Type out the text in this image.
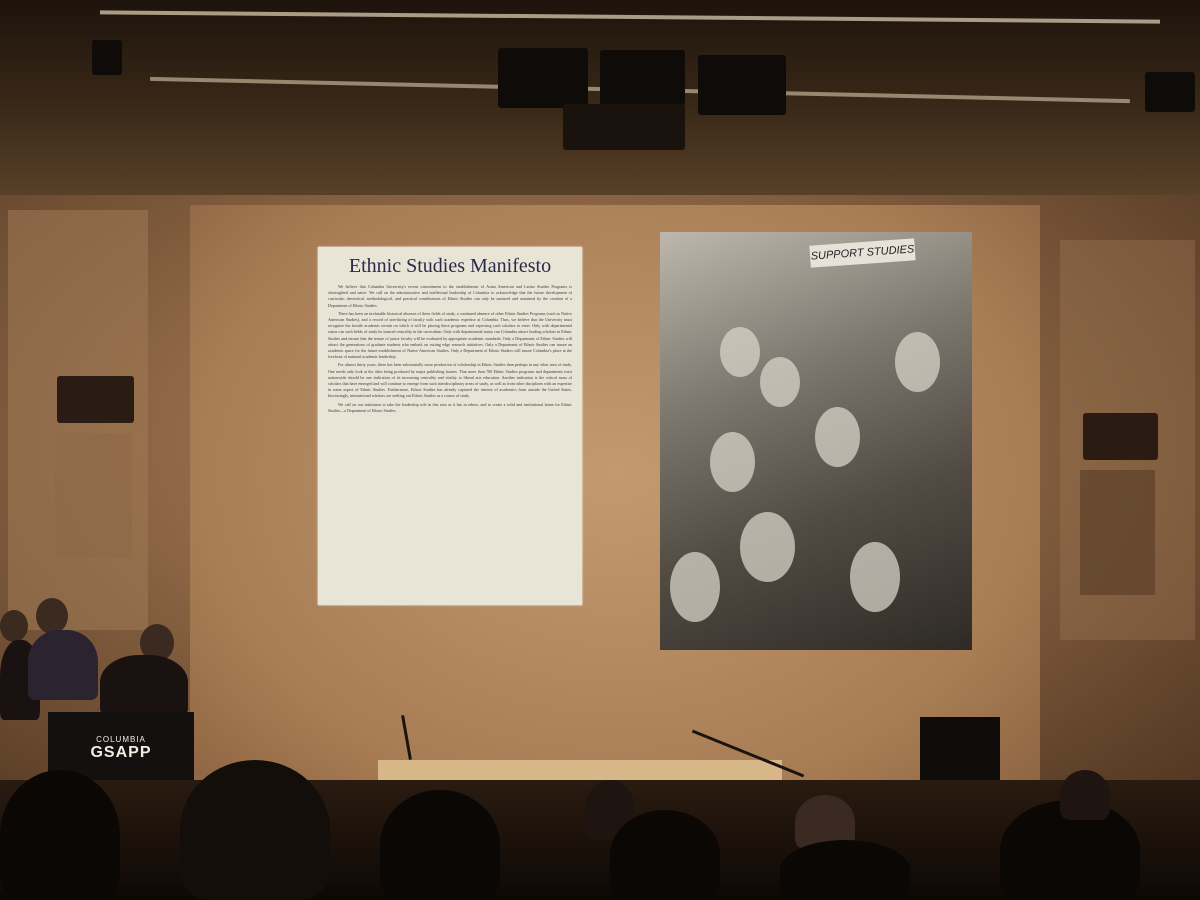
Ethnic Studies Manifesto

We believe that Columbia University's recent commitment to the establishment of Asian American and Latino Studies Programs is shortsighted and naive. We call on the administrative and intellectual leadership of Columbia to acknowledge that the future development of curricular, theoretical, methodological, and practical contributions of Ethnic Studies can only be nurtured and sustained by the creation of a Department of Ethnic Studies.

There has been an irrefutable historical absence of these fields of study, a continued absence of other Ethnic Studies Programs (such as Native American Studies), and a record of non-hiring of faculty with such academic expertise at Columbia. Thus, we believe that the University must recognize the hostile academic terrain on which it will be placing these programs and expecting such scholars to enter. Only with departmental status can such fields of study be insured centrality in the curriculum. Only with departmental status can Columbia attract leading scholars in Ethnic Studies and ensure that the tenure of junior faculty will be evaluated by appropriate academic standards. Only a Department of Ethnic Studies will attract the generations of graduate students who embark on cutting edge research initiatives. Only a Department of Ethnic Studies can insure an academic space for the future establishment of Native American Studies. Only a Department of Ethnic Studies will insure Columbia's place at the forefront of national academic leadership.

For almost thirty years, there has been substantially more production of scholarship in Ethnic Studies than perhaps in any other area of study. One needs only look at the titles being produced by major publishing houses. That more than 700 Ethnic Studies programs and departments exist nationwide should be one indication of its increasing centrality and vitality to liberal arts education. Another indication is the critical mass of scholars that have emerged and will continue to emerge from such interdisciplinary areas of study, as well as from other disciplines with an expertise in some aspect of Ethnic Studies. Furthermore, Ethnic Studies has already captured the interest of academics from outside the United States. Increasingly, international scholars are seeking out Ethnic Studies as a course of study.

We call on our institution to take the leadership role in this area as it has in others, and to create a solid and institutional home for Ethnic Studies—a Department of Ethnic Studies.

SUPPORT STUDIES
COLUMBIA
GSAPP
